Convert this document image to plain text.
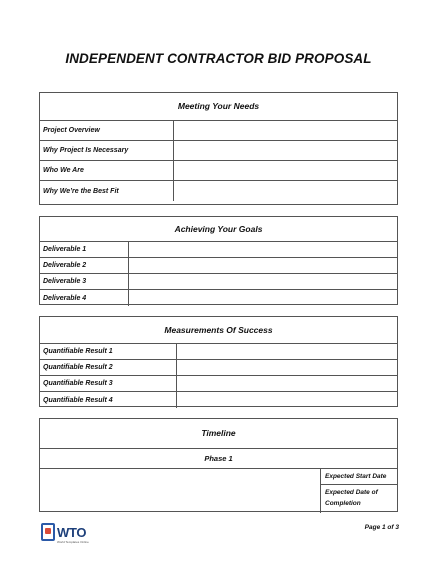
INDEPENDENT CONTRACTOR BID PROPOSAL
Meeting Your Needs
Project Overview
Why Project Is Necessary
Who We Are
Why We’re the Best Fit
Achieving Your Goals
Deliverable 1
Deliverable 2
Deliverable 3
Deliverable 4
Measurements Of Success
Quantifiable Result 1
Quantifiable Result 2
Quantifiable Result 3
Quantifiable Result 4
Timeline
Phase 1
Expected Start Date
Expected Date of Completion
WTO
World Templates Online
Page 1 of 3
